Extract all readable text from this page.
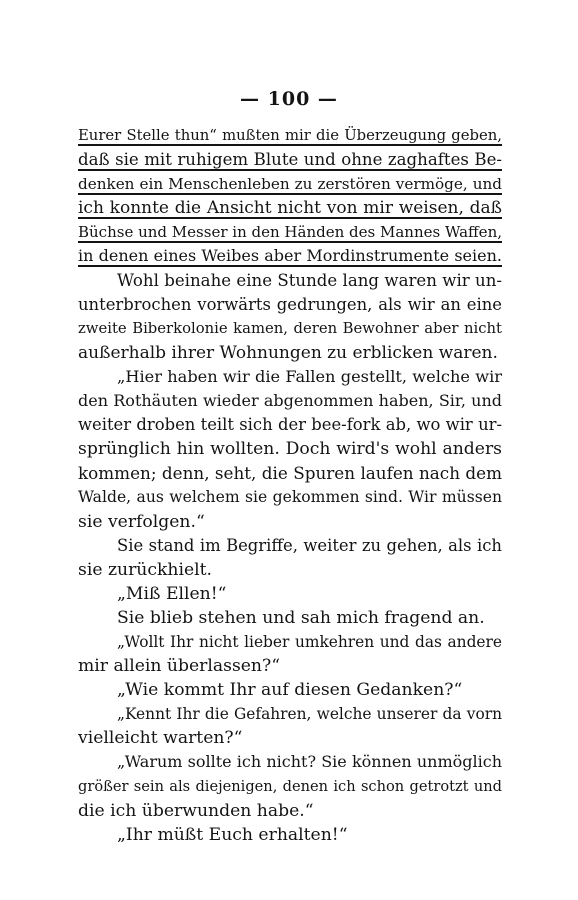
— 100 —
Eurer Stelle thun“ mußten mir die Überzeugung geben,
daß sie mit ruhigem Blute und ohne zaghaftes Be-
denken ein Menschenleben zu zerstören vermöge, und
ich konnte die Ansicht nicht von mir weisen, daß
Büchse und Messer in den Händen des Mannes Waffen,
in denen eines Weibes aber Mordinstrumente seien.
Wohl beinahe eine Stunde lang waren wir un-
unterbrochen vorwärts gedrungen, als wir an eine
zweite Biberkolonie kamen, deren Bewohner aber nicht
außerhalb ihrer Wohnungen zu erblicken waren.
„Hier haben wir die Fallen gestellt, welche wir
den Rothäuten wieder abgenommen haben, Sir, und
weiter droben teilt sich der bee-fork ab, wo wir ur-
sprünglich hin wollten. Doch wird's wohl anders
kommen; denn, seht, die Spuren laufen nach dem
Walde, aus welchem sie gekommen sind. Wir müssen
sie verfolgen.“
Sie stand im Begriffe, weiter zu gehen, als ich
sie zurückhielt.
„Miß Ellen!“
Sie blieb stehen und sah mich fragend an.
„Wollt Ihr nicht lieber umkehren und das andere
mir allein überlassen?“
„Wie kommt Ihr auf diesen Gedanken?“
„Kennt Ihr die Gefahren, welche unserer da vorn
vielleicht warten?“
„Warum sollte ich nicht? Sie können unmöglich
größer sein als diejenigen, denen ich schon getrotzt und
die ich überwunden habe.“
„Ihr müßt Euch erhalten!“
